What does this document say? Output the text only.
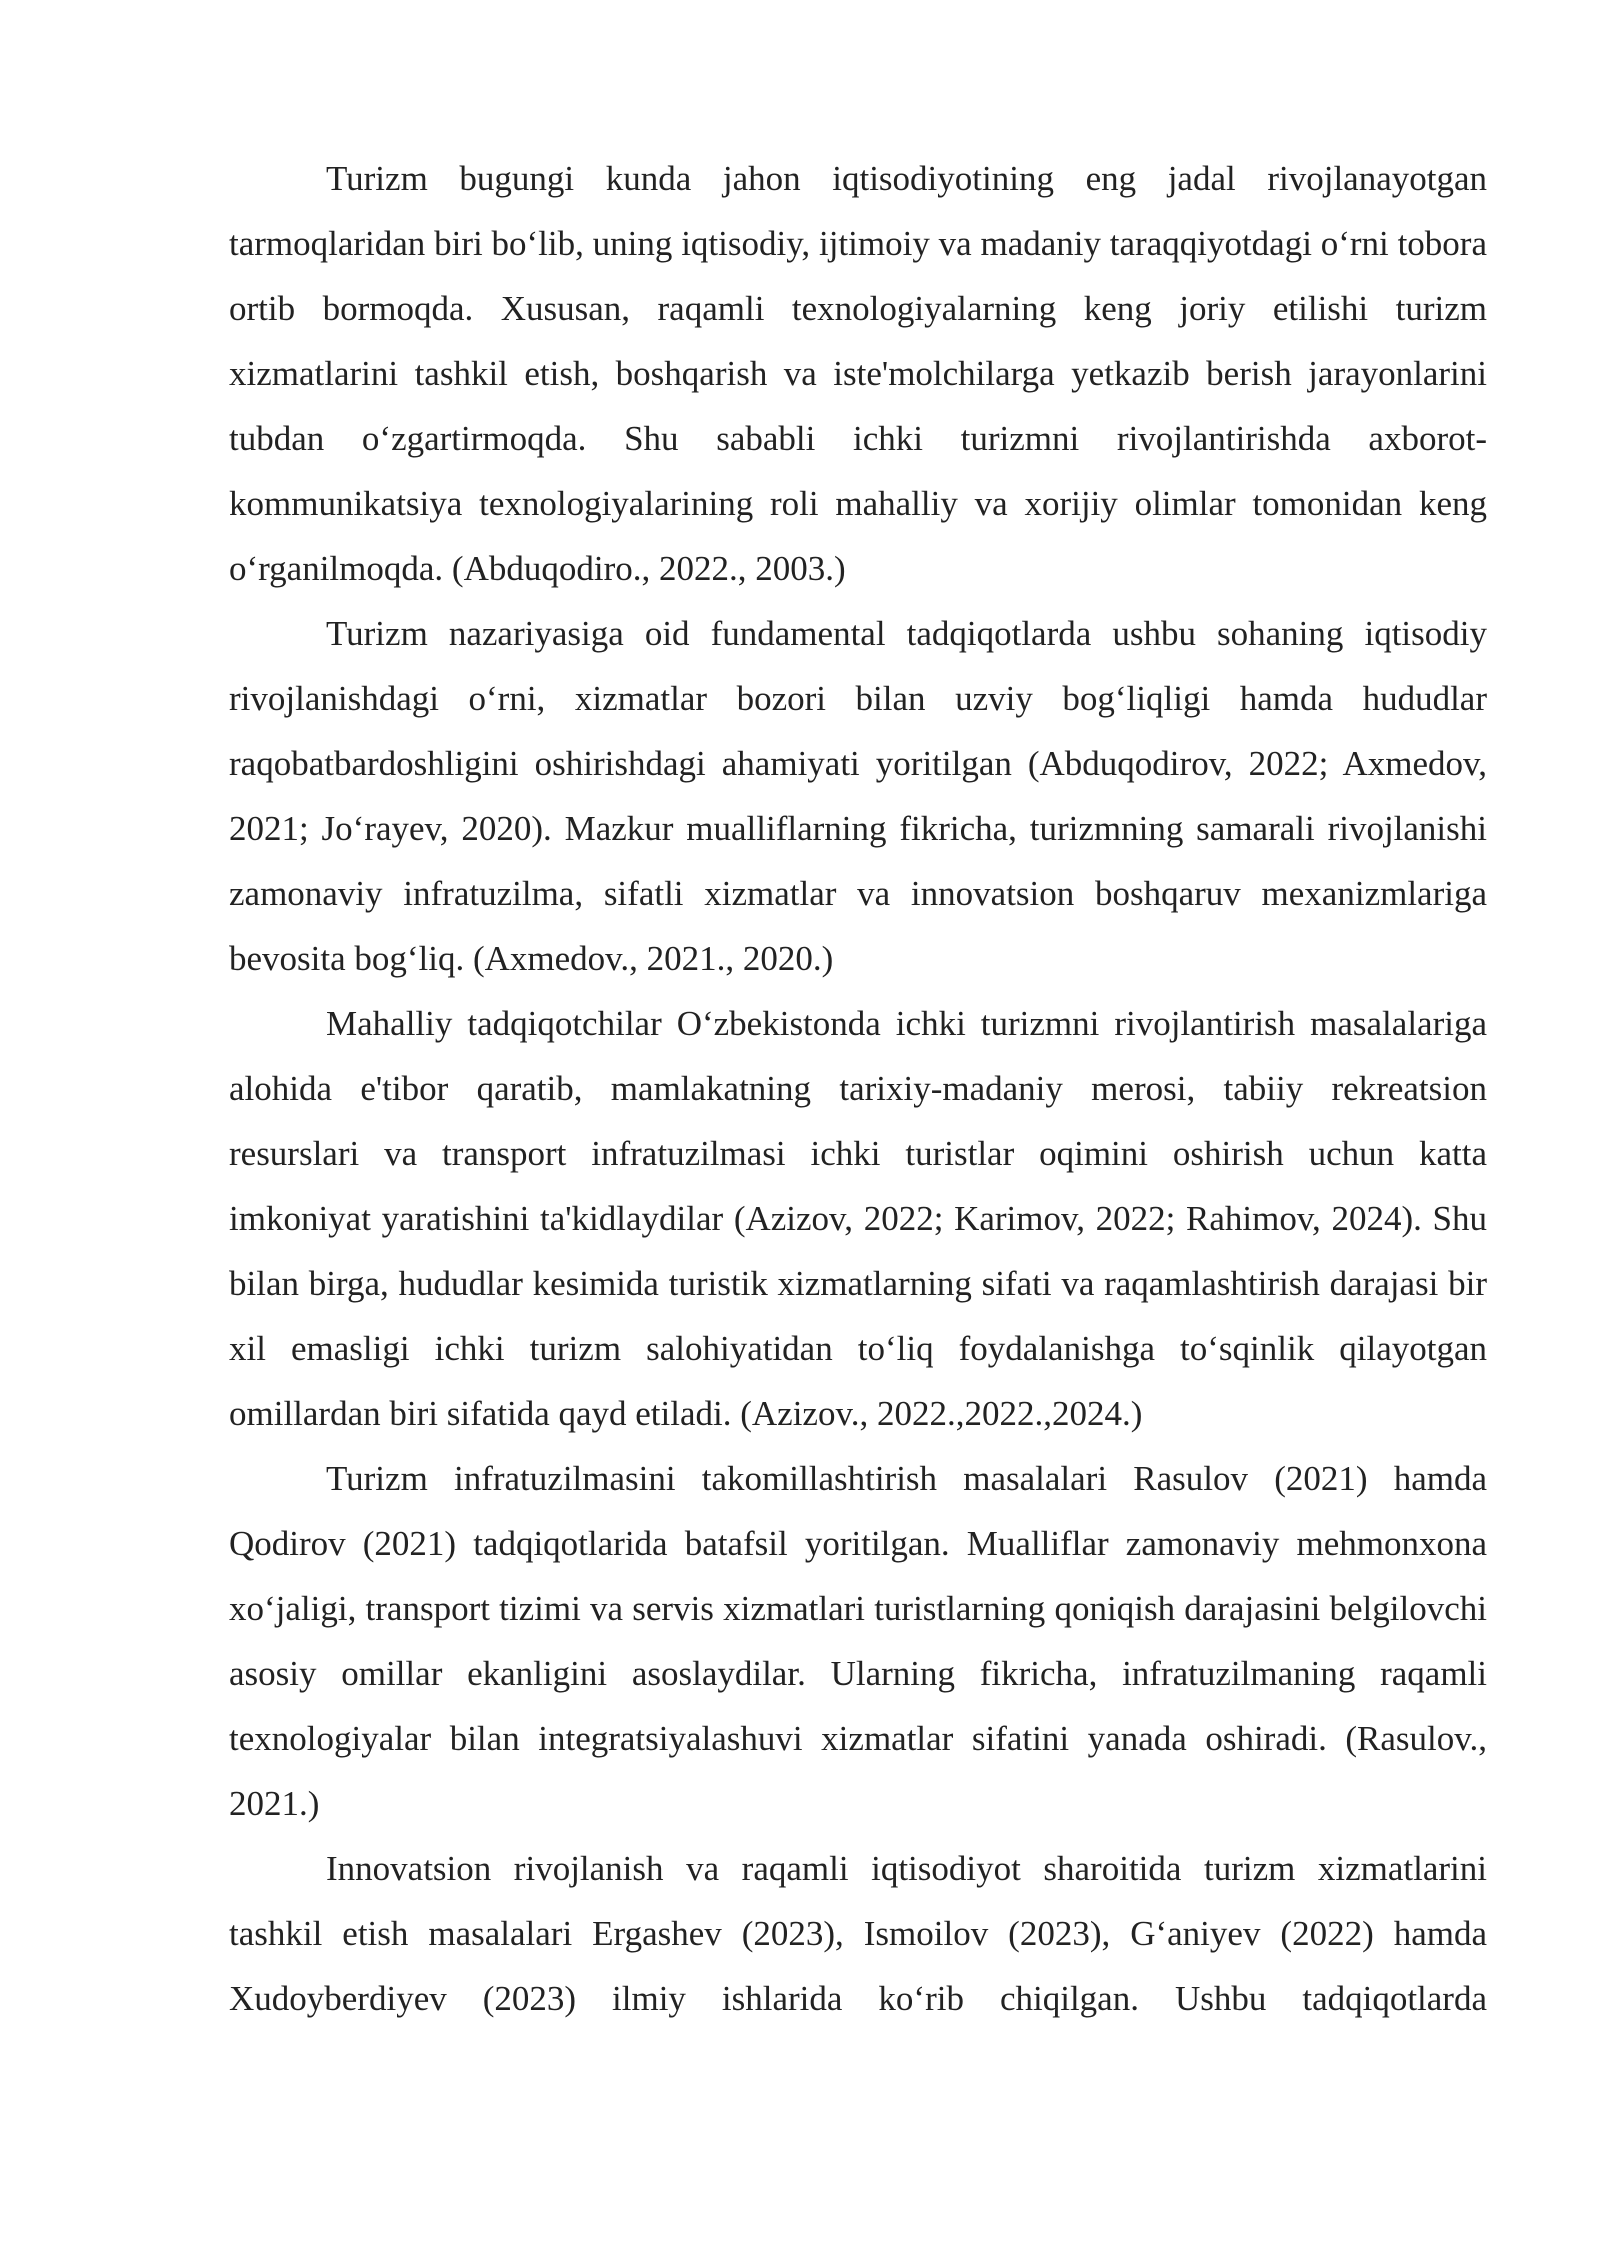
Turizm bugungi kunda jahon iqtisodiyotining eng jadal rivojlanayotgan tarmoqlaridan biri bo‘lib, uning iqtisodiy, ijtimoiy va madaniy taraqqiyotdagi o‘rni tobora ortib bormoqda. Xususan, raqamli texnologiyalarning keng joriy etilishi turizm xizmatlarini tashkil etish, boshqarish va iste'molchilarga yetkazib berish jarayonlarini tubdan o‘zgartirmoqda. Shu sababli ichki turizmni rivojlantirishda axborot-kommunikatsiya texnologiyalarining roli mahalliy va xorijiy olimlar tomonidan keng o‘rganilmoqda. (Abduqodiro., 2022., 2003.)

Turizm nazariyasiga oid fundamental tadqiqotlarda ushbu sohaning iqtisodiy rivojlanishdagi o‘rni, xizmatlar bozori bilan uzviy bog‘liqligi hamda hududlar raqobatbardoshligini oshirishdagi ahamiyati yoritilgan (Abduqodirov, 2022; Axmedov, 2021; Jo‘rayev, 2020). Mazkur mualliflarning fikricha, turizmning samarali rivojlanishi zamonaviy infratuzilma, sifatli xizmatlar va innovatsion boshqaruv mexanizmlariga bevosita bog‘liq. (Axmedov., 2021., 2020.)

Mahalliy tadqiqotchilar O‘zbekistonda ichki turizmni rivojlantirish masalalariga alohida e'tibor qaratib, mamlakatning tarixiy-madaniy merosi, tabiiy rekreatsion resurslari va transport infratuzilmasi ichki turistlar oqimini oshirish uchun katta imkoniyat yaratishini ta'kidlaydilar (Azizov, 2022; Karimov, 2022; Rahimov, 2024). Shu bilan birga, hududlar kesimida turistik xizmatlarning sifati va raqamlashtirish darajasi bir xil emasligi ichki turizm salohiyatidan to‘liq foydalanishga to‘sqinlik qilayotgan omillardan biri sifatida qayd etiladi. (Azizov., 2022.,2022.,2024.)

Turizm infratuzilmasini takomillashtirish masalalari Rasulov (2021) hamda Qodirov (2021) tadqiqotlarida batafsil yoritilgan. Mualliflar zamonaviy mehmonxona xo‘jaligi, transport tizimi va servis xizmatlari turistlarning qoniqish darajasini belgilovchi asosiy omillar ekanligini asoslaydilar. Ularning fikricha, infratuzilmaning raqamli texnologiyalar bilan integratsiyalashuvi xizmatlar sifatini yanada oshiradi. (Rasulov., 2021.)

Innovatsion rivojlanish va raqamli iqtisodiyot sharoitida turizm xizmatlarini tashkil etish masalalari Ergashev (2023), Ismoilov (2023), G‘aniyev (2022) hamda Xudoyberdiyev (2023) ilmiy ishlarida ko‘rib chiqilgan. Ushbu tadqiqotlarda
